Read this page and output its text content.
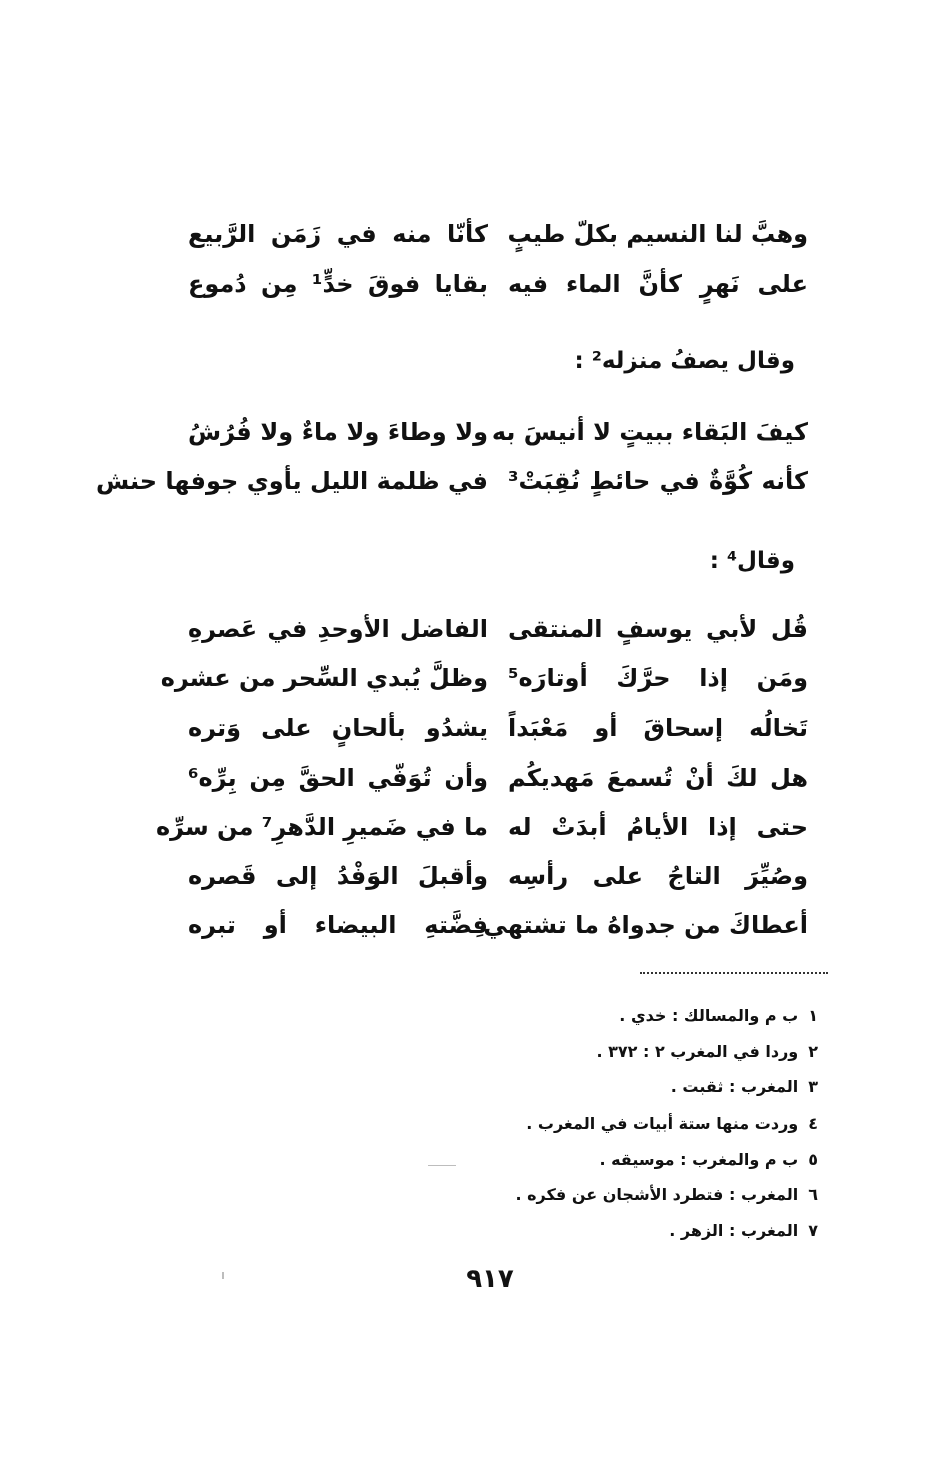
وهبَّ لنا النسيم بكلّ طيبٍ
كأنّا منه في زَمَن الرَّبيع
على نَهرٍ كأنَّ الماء فيه
بقايا فوقَ خدٍّ¹ مِن دُموع
وقال يصفُ منزله² :
كيفَ البَقاء ببيتٍ لا أنيسَ به
ولا وطاءَ ولا ماءٌ ولا فُرُشُ
كأنه كُوَّةٌ في حائطٍ نُقِبَتْ³
في ظلمة الليل يأوي جوفها حنش
وقال⁴ :
قُل لأبي يوسفٍ المنتقى
الفاضل الأوحدِ في عَصرهِ
ومَن إذا حرَّكَ أوتارَه⁵
وظلَّ يُبدي السِّحر من عشره
تَخالُه إسحاقَ أو مَعْبَداً
يشدُو بألحانٍ على وَتره
هل لكَ أنْ تُسمعَ مَهديكُم
وأن تُوَفّي الحقَّ مِن بِرِّه⁶
حتى إذا الأيامُ أبدَتْ له
ما في ضَميرِ الدَّهرِ⁷ من سرِّه
وصُيِّرَ التاجُ على رأسِه
وأقبلَ الوَفْدُ إلى قَصره
أعطاكَ من جدواهُ ما تشتهي
فِضَّتهِ البيضاء أو تبره
١ب م والمسالك : خدي .
٢وردا في المغرب ٢ : ٣٧٢ .
٣المغرب : ثقبت .
٤وردت منها ستة أبيات في المغرب .
٥ب م والمغرب : موسيقه .
٦المغرب : فتطرد الأشجان عن فكره .
٧المغرب : الزهر .
٩١٧
